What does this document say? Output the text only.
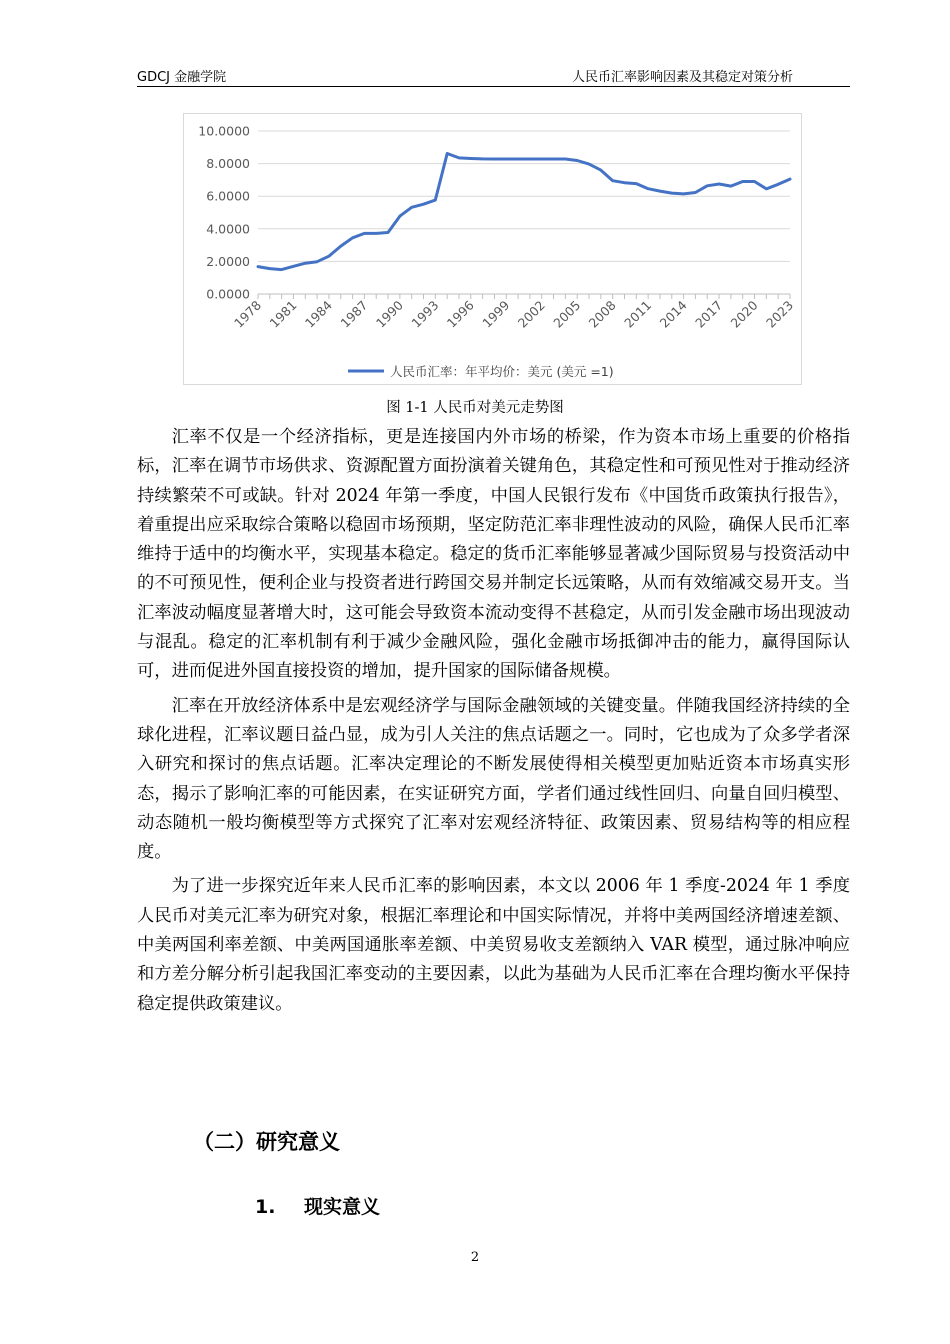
GDCJ 金融学院	人民币汇率影响因素及其稳定对策分析
10.0000
8.0000
6.0000
4.0000
2.0000
0.0000
1978 1981 1984 1987 1990 1993 1996 1999 2002 2005 2008 2011 2014 2017 2020 2023
人民币汇率：年平均价：美元 (美元 =1)
图 1-1 人民币对美元走势图

汇率不仅是一个经济指标，更是连接国内外市场的桥梁，作为资本市场上重要的价格指标，汇率在调节市场供求、资源配置方面扮演着关键角色，其稳定性和可预见性对于推动经济持续繁荣不可或缺。针对 2024 年第一季度，中国人民银行发布《中国货币政策执行报告》，着重提出应采取综合策略以稳固市场预期，坚定防范汇率非理性波动的风险，确保人民币汇率维持于适中的均衡水平，实现基本稳定。稳定的货币汇率能够显著减少国际贸易与投资活动中的不可预见性，便利企业与投资者进行跨国交易并制定长远策略，从而有效缩减交易开支。当汇率波动幅度显著增大时，这可能会导致资本流动变得不甚稳定，从而引发金融市场出现波动与混乱。稳定的汇率机制有利于减少金融风险，强化金融市场抵御冲击的能力，赢得国际认可，进而促进外国直接投资的增加，提升国家的国际储备规模。

汇率在开放经济体系中是宏观经济学与国际金融领域的关键变量。伴随我国经济持续的全球化进程，汇率议题日益凸显，成为引人关注的焦点话题之一。同时，它也成为了众多学者深入研究和探讨的焦点话题。汇率决定理论的不断发展使得相关模型更加贴近资本市场真实形态，揭示了影响汇率的可能因素，在实证研究方面，学者们通过线性回归、向量自回归模型、动态随机一般均衡模型等方式探究了汇率对宏观经济特征、政策因素、贸易结构等的相应程度。

为了进一步探究近年来人民币汇率的影响因素，本文以 2006 年 1 季度-2024 年 1 季度人民币对美元汇率为研究对象，根据汇率理论和中国实际情况，并将中美两国经济增速差额、中美两国利率差额、中美两国通胀率差额、中美贸易收支差额纳入 VAR 模型，通过脉冲响应和方差分解分析引起我国汇率变动的主要因素，以此为基础为人民币汇率在合理均衡水平保持稳定提供政策建议。

（二）研究意义
1. 现实意义
2
